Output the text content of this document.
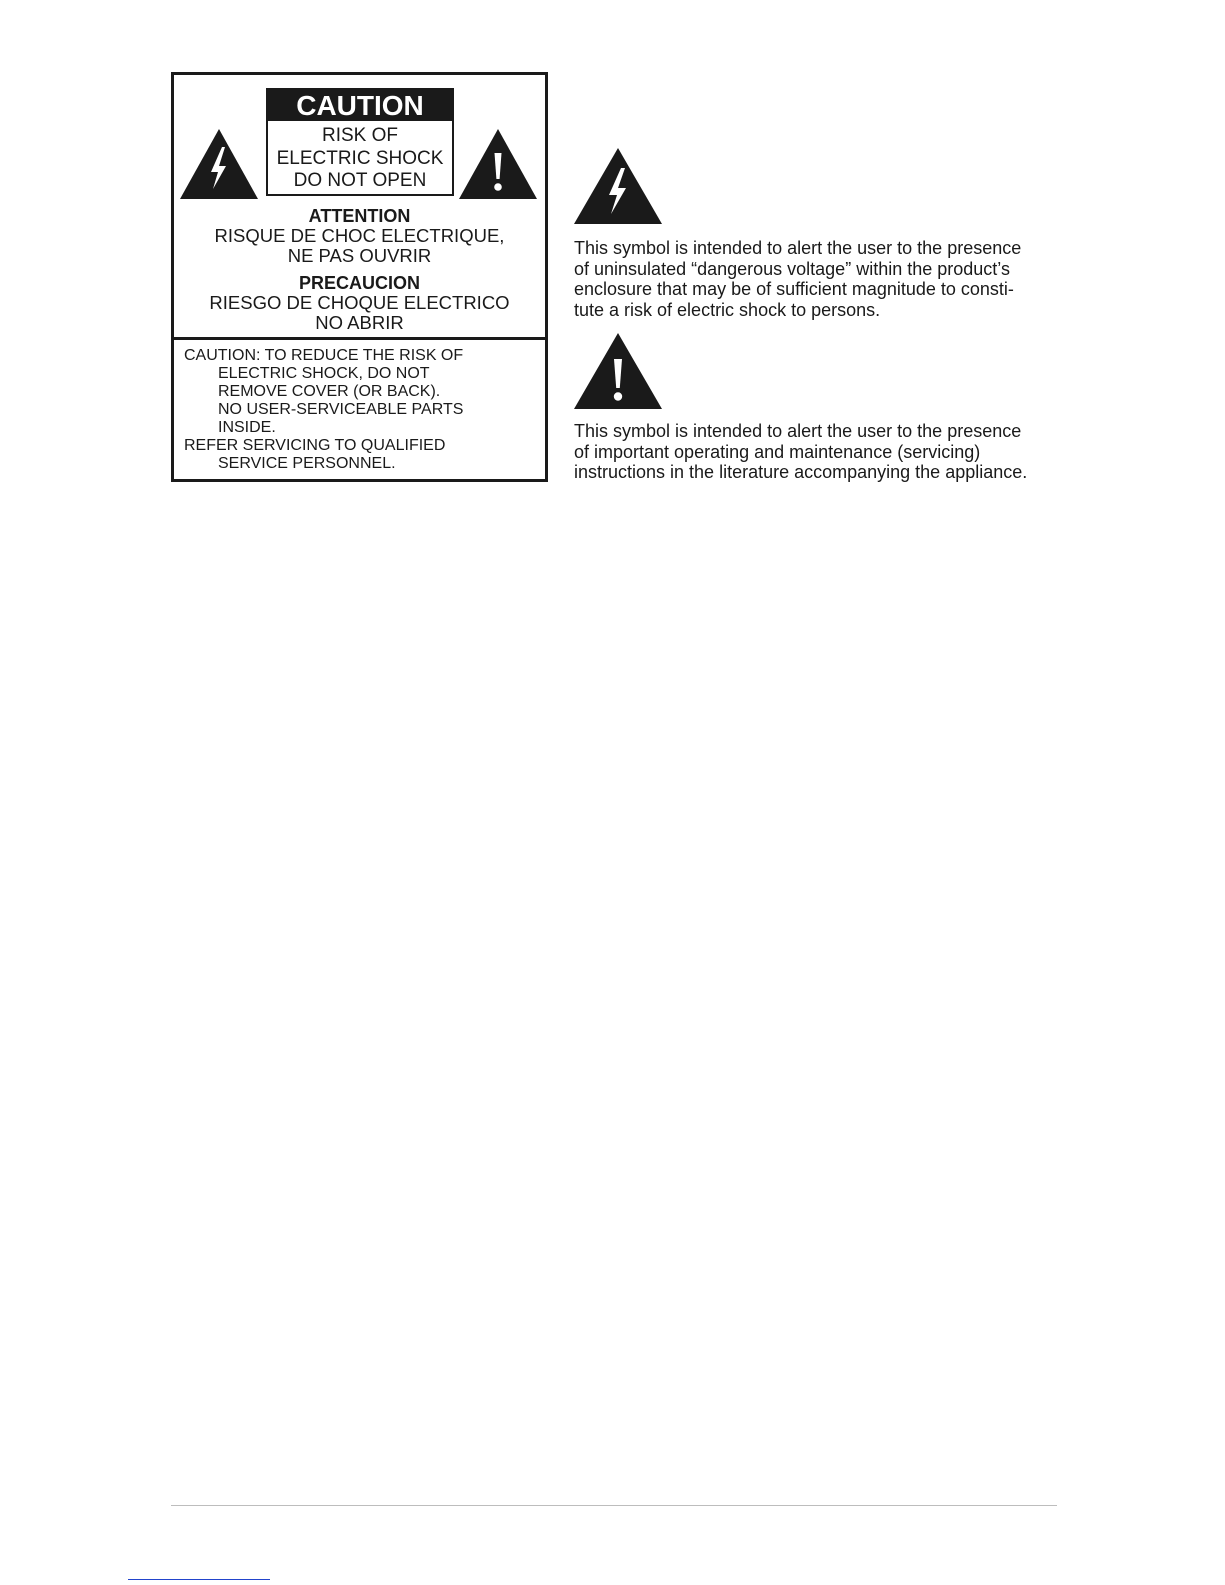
CAUTION
RISK OF
ELECTRIC SHOCK
DO NOT OPEN
ATTENTION
RISQUE DE CHOC ELECTRIQUE,
NE PAS OUVRIR
PRECAUCION
RIESGO DE CHOQUE ELECTRICO
NO ABRIR
CAUTION: TO REDUCE THE RISK OF
ELECTRIC SHOCK, DO NOT
REMOVE COVER (OR BACK).
NO USER-SERVICEABLE PARTS
INSIDE.
REFER SERVICING TO QUALIFIED
SERVICE PERSONNEL.
This symbol is intended to alert the user to the presence
of uninsulated “dangerous voltage” within the product’s
enclosure that may be of sufficient magnitude to consti-
tute a risk of electric shock to persons.
This symbol is intended to alert the user to the presence
of important operating and maintenance (servicing)
instructions in the literature accompanying the appliance.
